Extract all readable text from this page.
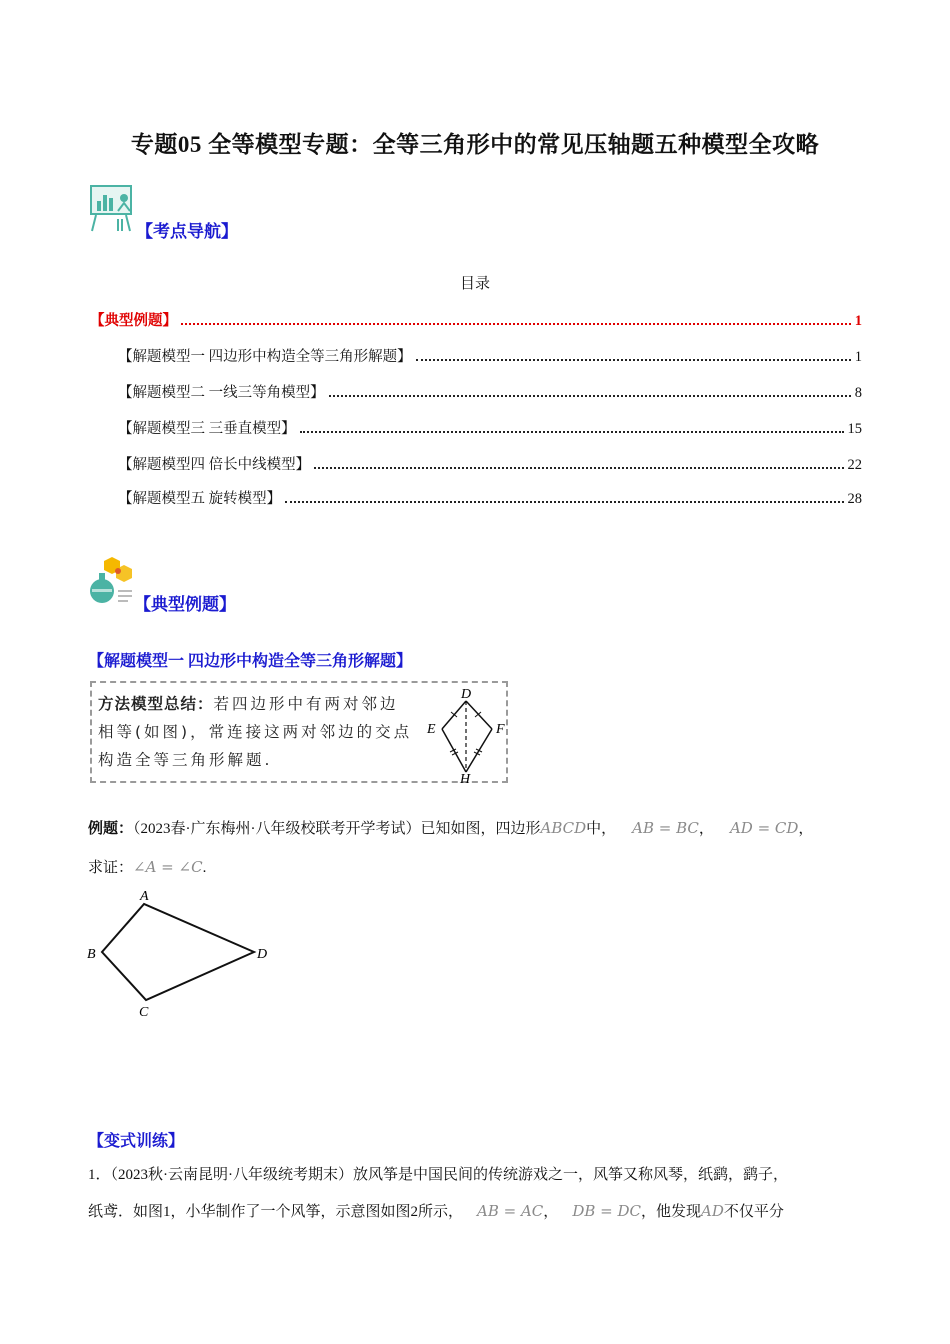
专题05 全等模型专题：全等三角形中的常见压轴题五种模型全攻略
【考点导航】
目录
【典型例题】	1
【解题模型一 四边形中构造全等三角形解题】	1
【解题模型二 一线三等角模型】	8
【解题模型三 三垂直模型】	15
【解题模型四 倍长中线模型】	22
【解题模型五 旋转模型】	28
【典型例题】
【解题模型一 四边形中构造全等三角形解题】
方法模型总结：若四边形中有两对邻边
相等(如图)，常连接这两对邻边的交点
构造全等三角形解题.
D
E	F
H
例题：（2023春·广东梅州·八年级校联考开学考试）已知如图，四边形ABCD中， AB = BC， AD = CD，
求证：∠A = ∠C.
A
B
C
D
【变式训练】
1．（2023秋·云南昆明·八年级统考期末）放风筝是中国民间的传统游戏之一，风筝又称风琴，纸鹞，鹞子，
纸鸢．如图1，小华制作了一个风筝，示意图如图2所示， AB = AC， DB = DC，他发现AD不仅平分
